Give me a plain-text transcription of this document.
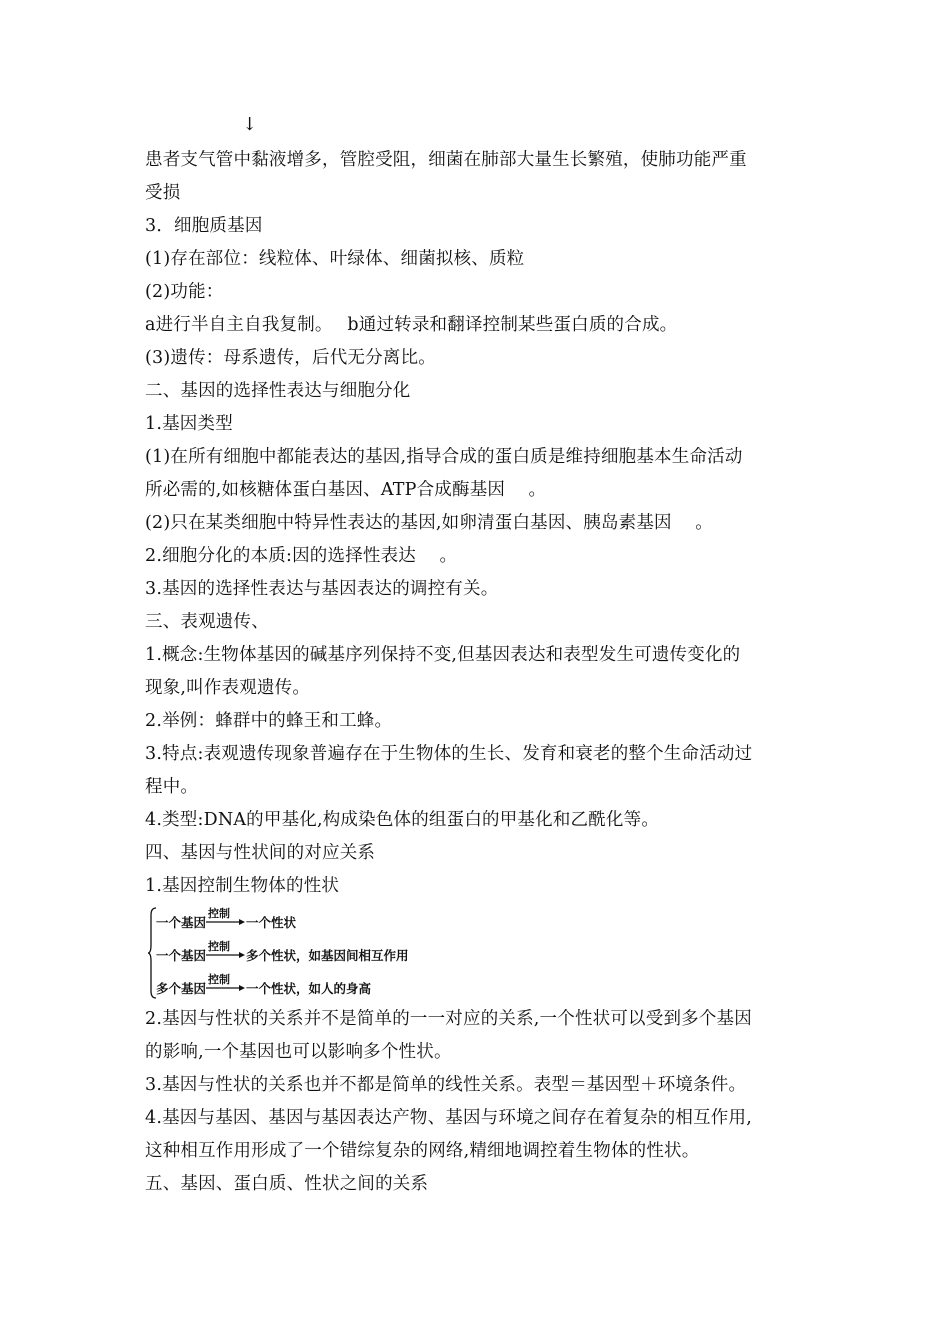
↓
患者支气管中黏液增多，管腔受阻，细菌在肺部大量生长繁殖，使肺功能严重
受损
3．细胞质基因
(1)存在部位：线粒体、叶绿体、细菌拟核、质粒
(2)功能：
a进行半自主自我复制。　 b通过转录和翻译控制某些蛋白质的合成。
(3)遗传：母系遗传，后代无分离比。
二、基因的选择性表达与细胞分化
1.基因类型
(1)在所有细胞中都能表达的基因,指导合成的蛋白质是维持细胞基本生命活动
所必需的,如核糖体蛋白基因、ATP合成酶基因　 。
(2)只在某类细胞中特异性表达的基因,如卵清蛋白基因、胰岛素基因　 。
2.细胞分化的本质:因的选择性表达　 。
3.基因的选择性表达与基因表达的调控有关。
三、表观遗传、
1.概念:生物体基因的碱基序列保持不变,但基因表达和表型发生可遗传变化的
现象,叫作表观遗传。
2.举例：蜂群中的蜂王和工蜂。
3.特点:表观遗传现象普遍存在于生物体的生长、发育和衰老的整个生命活动过
程中。
4.类型:DNA的甲基化,构成染色体的组蛋白的甲基化和乙酰化等。
四、基因与性状间的对应关系
1.基因控制生物体的性状
一个基因
控制
一个性状
一个基因
控制
多个性状，如基因间相互作用
多个基因
控制
一个性状，如人的身高
2.基因与性状的关系并不是简单的一一对应的关系,一个性状可以受到多个基因
的影响,一个基因也可以影响多个性状。
3.基因与性状的关系也并不都是简单的线性关系。表型＝基因型＋环境条件。
4.基因与基因、基因与基因表达产物、基因与环境之间存在着复杂的相互作用,
这种相互作用形成了一个错综复杂的网络,精细地调控着生物体的性状。
五、基因、蛋白质、性状之间的关系
